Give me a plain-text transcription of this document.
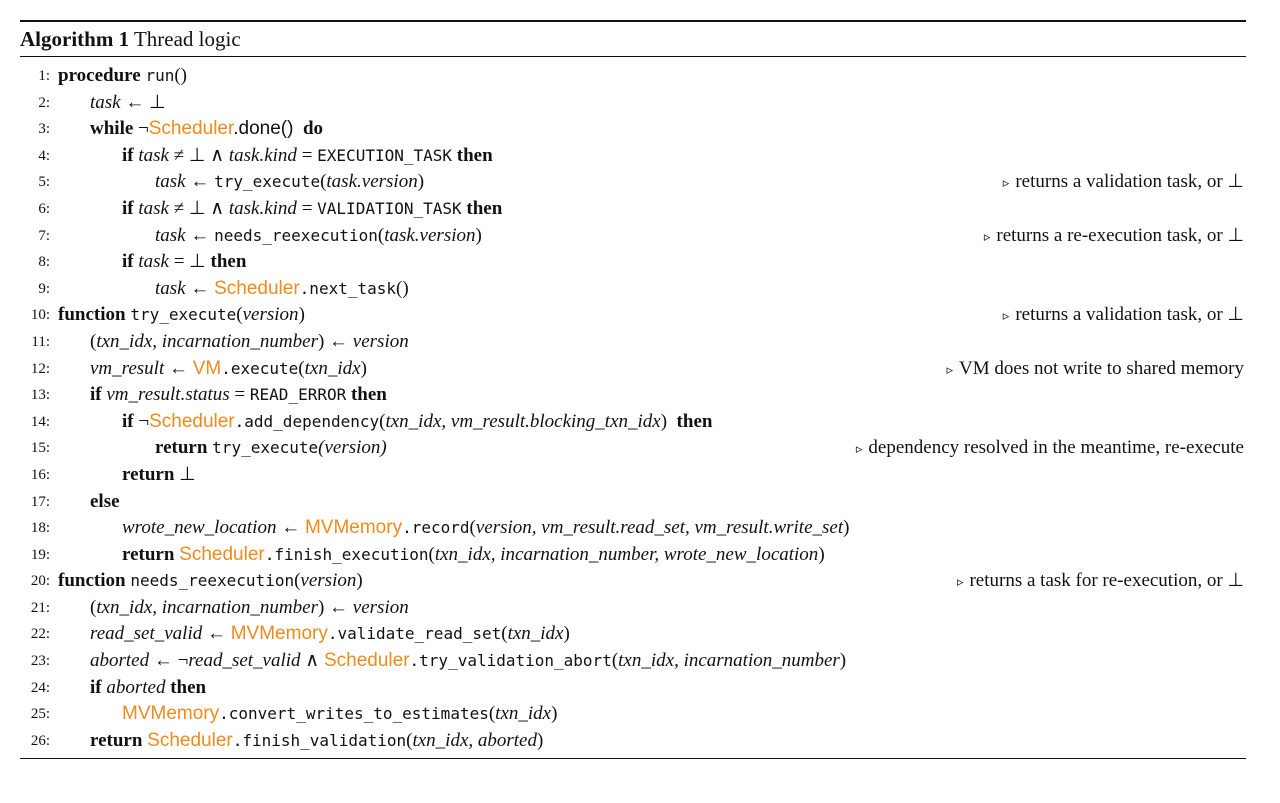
Algorithm 1 Thread logic
1: procedure run()
2:	task ← ⊥
3:	while ¬Scheduler.done() do
4:	if task ≠ ⊥ ∧ task.kind = EXECUTION_TASK then
5:	task ← try_execute(task.version)	▹ returns a validation task, or ⊥
6:	if task ≠ ⊥ ∧ task.kind = VALIDATION_TASK then
7:	task ← needs_reexecution(task.version)	▹ returns a re-execution task, or ⊥
8:	if task = ⊥ then
9:	task ← Scheduler.next_task()
10: function try_execute(version)	▹ returns a validation task, or ⊥
11:	(txn_idx, incarnation_number) ← version
12:	vm_result ← VM.execute(txn_idx)	▹ VM does not write to shared memory
13:	if vm_result.status = READ_ERROR then
14:	if ¬Scheduler.add_dependency(txn_idx, vm_result.blocking_txn_idx)  then
15:	return try_execute(version)	▹ dependency resolved in the meantime, re-execute
16:	return ⊥
17:	else
18:	wrote_new_location ← MVMemory.record(version, vm_result.read_set, vm_result.write_set)
19:	return Scheduler.finish_execution(txn_idx, incarnation_number, wrote_new_location)
20: function needs_reexecution(version)	▹ returns a task for re-execution, or ⊥
21:	(txn_idx, incarnation_number) ← version
22:	read_set_valid ← MVMemory.validate_read_set(txn_idx)
23:	aborted ← ¬read_set_valid ∧ Scheduler.try_validation_abort(txn_idx, incarnation_number)
24:	if aborted then
25:	MVMemory.convert_writes_to_estimates(txn_idx)
26:	return Scheduler.finish_validation(txn_idx, aborted)
